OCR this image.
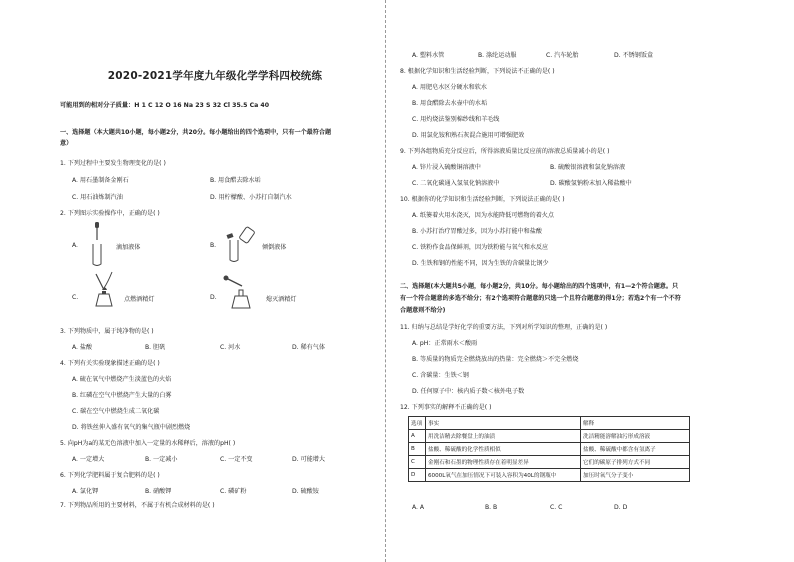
2020-2021学年度九年级化学学科四校统练
可能用到的相对分子质量：H 1 C 12 O 16 Na 23 S 32 Cl 35.5 Ca 40
一、选择题（本大题共10小题，每小题2分，共20分。每小题给出的四个选项中，只有一个最符合题
意）
1. 下列过程中主要发生物理变化的是( )
A. 用石墨制备金刚石	B. 用食醋去除水垢
C. 用石油炼制汽油	D. 用柠檬酸、小苏打自制汽水
2. 下列图示实验操作中，正确的是( )
A.	滴加液体	B.	倾倒液体
C.	点燃酒精灯	D.	熄灭酒精灯
3. 下列物质中，属于纯净物的是( )
A. 盐酸	B. 胆矾	C. 河水	D. 稀有气体
4. 下列有关实验现象描述正确的是( )
A. 硫在氧气中燃烧产生淡蓝色的火焰
B. 红磷在空气中燃烧产生大量的白雾
C. 碳在空气中燃烧生成二氧化碳
D. 将铁丝伸入盛有氧气的集气瓶中剧烈燃烧
5. 向pH为a的某无色溶液中加入一定量的水稀释后，溶液的pH( )
A. 一定增大	B. 一定减小	C. 一定不变	D. 可能增大
6. 下列化学肥料属于复合肥料的是( )
A. 氯化钾	B. 硝酸钾	C. 磷矿粉	D. 硫酸铵
7. 下列物品所用的主要材料，不属于有机合成材料的是( )
A. 塑料水管	B. 涤纶运动服	C. 汽车轮胎	D. 不锈钢饭盒
8. 根据化学知识和生活经验判断，下列说法不正确的是( )
A. 用肥皂水区分硬水和软水
B. 用食醋除去水壶中的水垢
C. 用灼烧法鉴别棉纱线和羊毛线
D. 用氯化铵和熟石灰混合施用可增强肥效
9. 下列各组物质充分反应后，所得溶液质量比反应前的溶液总质量减小的是( )
A. 锌片浸入硫酸铜溶液中	B. 硫酸银溶液和氯化钠溶液
C. 二氧化碳通入氢氧化钠溶液中	D. 碳酸氢钠粉末加入稀盐酸中
10. 根据你的化学知识和生活经验判断，下列说法正确的是( )
A. 纸篓着火用水浇灭，因为水能降低可燃物的着火点
B. 小苏打治疗胃酸过多，因为小苏打能中和盐酸
C. 铁粉作食品保鲜剂，因为铁粉能与氧气和水反应
D. 生铁和钢的性能不同，因为生铁的含碳量比钢少
二、选择题(本大题共5小题，每小题2分，共10分。每小题给出的四个选项中，有1—2个符合题意。只
有一个符合题意的多选不给分；有2个选项符合题意的只选一个且符合题意的得1分；若选2个有一个不符
合题意则不给分)
11. 归纳与总结是学好化学的重要方法，下列对所学知识的整理，正确的是( )
A. pH：正常雨水＜酸雨
B. 等质量的物质完全燃烧放出的热量：完全燃烧＞不完全燃烧
C. 含碳量：生铁＜钢
D. 任何原子中：核内质子数＜核外电子数
12. 下列事实的解释不正确的是( )
选项	事实	解释
A	用洗洁精去除餐盘上的油渍	洗洁精能溶解油污形成溶液
B	盐酸、稀硫酸的化学性质相似	盐酸、稀硫酸中都含有氢离子
C	金刚石和石墨的物理性质存在着明显差异	它们的碳原子排列方式不同
D	6000L氧气在加压情况下可装入容积为40L的钢瓶中	加压时氧气分子变小
A. A	B. B	C. C	D. D
